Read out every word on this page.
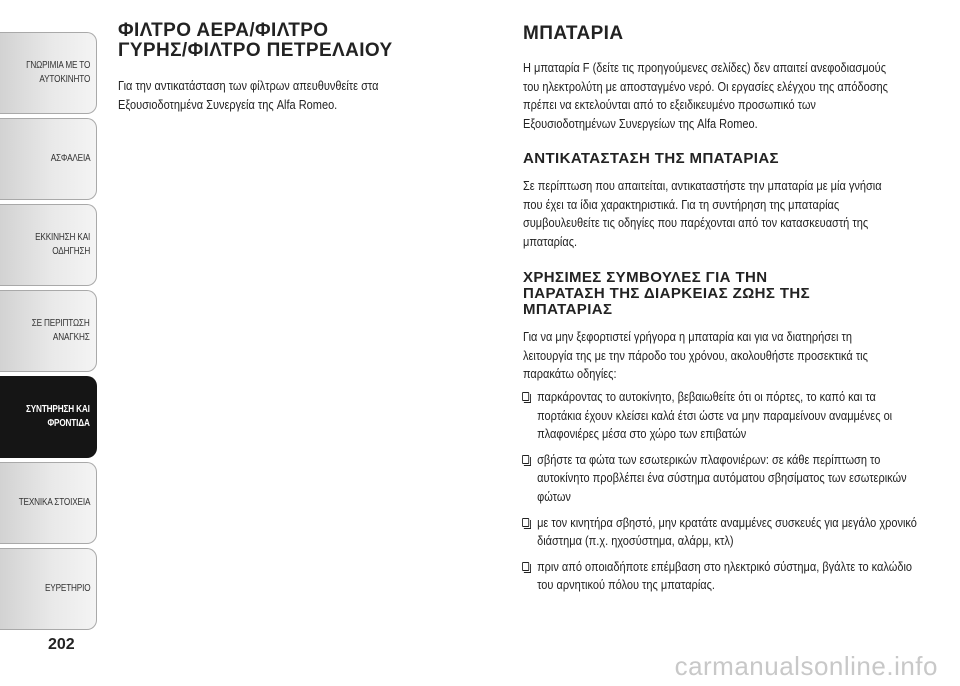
ΓΝΩΡΙΜΙΑ ΜΕ ΤΟ
ΑΥΤΟΚΙΝΗΤΟ
ΑΣΦΑΛΕΙΑ
ΕΚΚΙΝΗΣΗ ΚΑΙ
ΟΔΗΓΗΣΗ
ΣΕ ΠΕΡΙΠΤΩΣΗ
ΑΝΑΓΚΗΣ
ΣΥΝΤΗΡΗΣΗ ΚΑΙ
ΦΡΟΝΤΙΔΑ
ΤΕΧΝΙΚΑ ΣΤΟΙΧΕΙΑ
ΕΥΡΕΤΗΡΙΟ
202
ΦΙΛΤΡΟ ΑΕΡΑ/ΦΙΛΤΡΟ
ΓΥΡΗΣ/ΦΙΛΤΡΟ ΠΕΤΡΕΛΑΙΟΥ

Για την αντικατάσταση των φίλτρων απευθυνθείτε στα Εξουσιοδοτημένα Συνεργεία της Alfa Romeo.

ΜΠΑΤΑΡΙΑ

Η μπαταρία F (δείτε τις προηγούμενες σελίδες) δεν απαιτεί ανεφοδιασμούς του ηλεκτρολύτη με αποσταγμένο νερό. Οι εργασίες ελέγχου της απόδοσης πρέπει να εκτελούνται από το εξειδικευμένο προσωπικό των Εξουσιοδοτημένων Συνεργείων της Alfa Romeo.

ΑΝΤΙΚΑΤΑΣΤΑΣΗ ΤΗΣ ΜΠΑΤΑΡΙΑΣ

Σε περίπτωση που απαιτείται, αντικαταστήστε την μπαταρία με μία γνήσια που έχει τα ίδια χαρακτηριστικά. Για τη συντήρηση της μπαταρίας συμβουλευθείτε τις οδηγίες που παρέχονται από τον κατασκευαστή της μπαταρίας.

ΧΡΗΣΙΜΕΣ ΣΥΜΒΟΥΛΕΣ ΓΙΑ ΤΗΝ
ΠΑΡΑΤΑΣΗ ΤΗΣ ΔΙΑΡΚΕΙΑΣ ΖΩΗΣ ΤΗΣ
ΜΠΑΤΑΡΙΑΣ

Για να μην ξεφορτιστεί γρήγορα η μπαταρία και για να διατηρήσει τη λειτουργία της με την πάροδο του χρόνου, ακολουθήστε προσεκτικά τις παρακάτω οδηγίες:

παρκάροντας το αυτοκίνητο, βεβαιωθείτε ότι οι πόρτες, το καπό και τα πορτάκια έχουν κλείσει καλά έτσι ώστε να μην παραμείνουν αναμμένες οι πλαφονιέρες μέσα στο χώρο των επιβατών
σβήστε τα φώτα των εσωτερικών πλαφονιέρων: σε κάθε περίπτωση το αυτοκίνητο προβλέπει ένα σύστημα αυτόματου σβησίματος των εσωτερικών φώτων
με τον κινητήρα σβηστό, μην κρατάτε αναμμένες συσκευές για μεγάλο χρονικό διάστημα (π.χ. ηχοσύστημα, αλάρμ, κτλ)
πριν από οποιαδήποτε επέμβαση στο ηλεκτρικό σύστημα, βγάλτε το καλώδιο του αρνητικού πόλου της μπαταρίας.
carmanualsonline.info
